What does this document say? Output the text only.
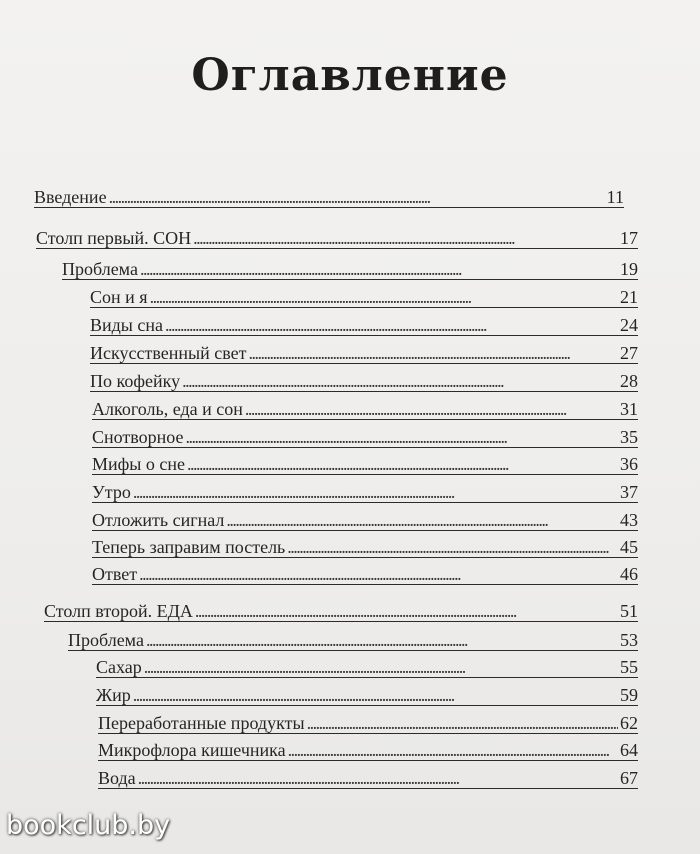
Оглавление
Введение . . .	11
Столп первый. СОН . . .	17
Проблема . . .	19
Сон и я . . .	21
Виды сна . . .	24
Искусственный свет . . .	27
По кофейку . . .	28
Алкоголь, еда и сон . . .	31
Снотворное . . .	35
Мифы о сне . . .	36
Утро . . .	37
Отложить сигнал . . .	43
Теперь заправим постель . . .	45
Ответ . . .	46
Столп второй. ЕДА . . .	51
Проблема . . .	53
Сахар . . .	55
Жир . . .	59
Переработанные продукты . . .	62
Микрофлора кишечника . . .	64
Вода . . .	67
bookclub.by
